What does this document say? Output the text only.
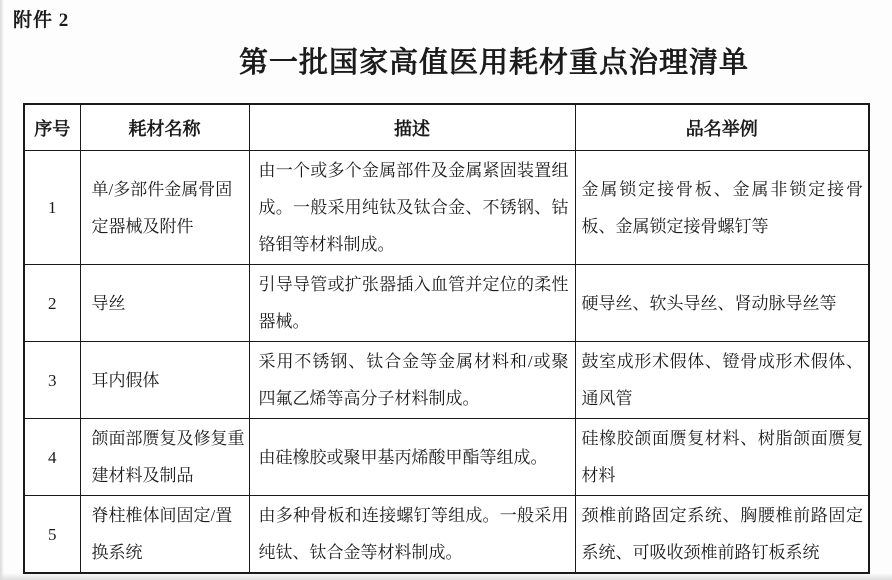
附件 2
第一批国家高值医用耗材重点治理清单
序号	耗材名称	描述	品名举例
1	单/多部件金属骨固定器械及附件	由一个或多个金属部件及金属紧固装置组成。一般采用纯钛及钛合金、不锈钢、钴铬钼等材料制成。	金属锁定接骨板、金属非锁定接骨板、金属锁定接骨螺钉等
2	导丝	引导导管或扩张器插入血管并定位的柔性器械。	硬导丝、软头导丝、肾动脉导丝等
3	耳内假体	采用不锈钢、钛合金等金属材料和/或聚四氟乙烯等高分子材料制成。	鼓室成形术假体、镫骨成形术假体、通风管
4	颌面部赝复及修复重建材料及制品	由硅橡胶或聚甲基丙烯酸甲酯等组成。	硅橡胶颌面赝复材料、树脂颌面赝复材料
5	脊柱椎体间固定/置换系统	由多种骨板和连接螺钉等组成。一般采用纯钛、钛合金等材料制成。	颈椎前路固定系统、胸腰椎前路固定系统、可吸收颈椎前路钉板系统
